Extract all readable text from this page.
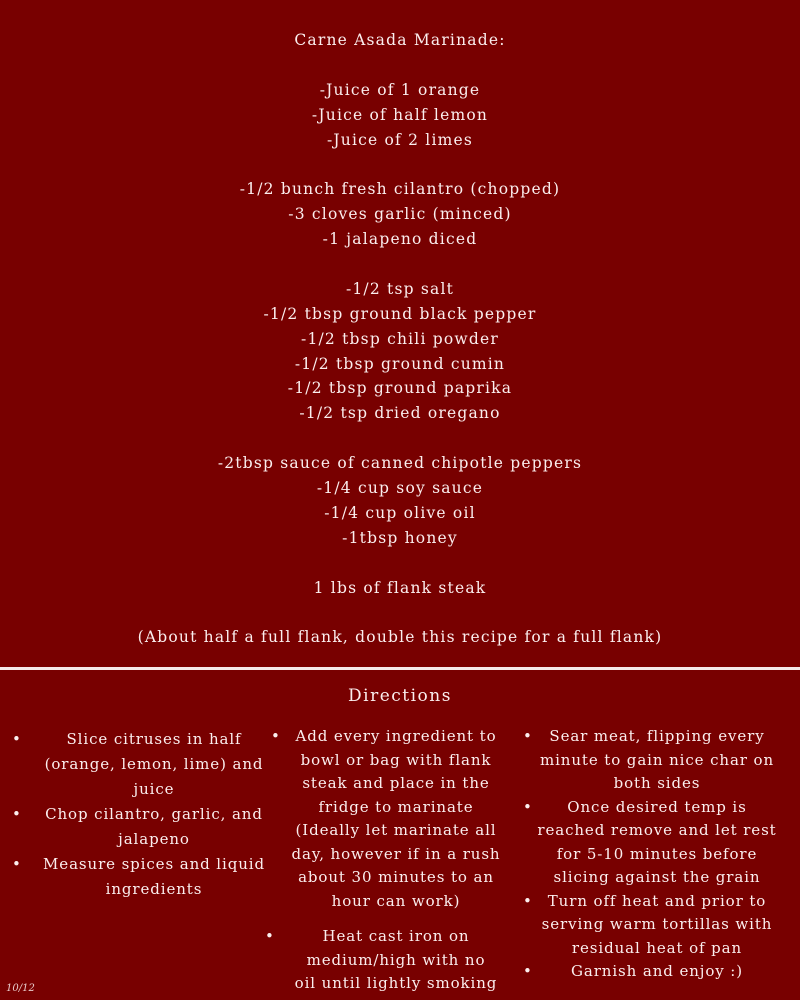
Carne Asada Marinade:
-Juice of 1 orange
-Juice of half lemon
-Juice of 2 limes
-1/2 bunch fresh cilantro (chopped)
-3 cloves garlic (minced)
-1 jalapeno diced
-1/2 tsp salt
-1/2 tbsp ground black pepper
-1/2 tbsp chili powder
-1/2 tbsp ground cumin
-1/2 tbsp ground paprika
-1/2 tsp dried oregano
-2tbsp sauce of canned chipotle peppers
-1/4 cup soy sauce
-1/4 cup olive oil
-1tbsp honey
1 lbs of flank steak
(About half a full flank, double this recipe for a full flank)
Directions
•	Slice citruses in half (orange, lemon, lime) and juice
• Chop cilantro, garlic, and jalapeno
• Measure spices and liquid ingredients
• Add every ingredient to bowl or bag with flank steak and place in the fridge to marinate (Ideally let marinate all day, however if in a rush about 30 minutes to an hour can work)
•	Heat cast iron on medium/high with no oil until lightly smoking
• Sear meat, flipping every minute to gain nice char on both sides
• Once desired temp is reached remove and let rest for 5-10 minutes before slicing against the grain
• Turn off heat and prior to serving warm tortillas with residual heat of pan
•	Garnish and enjoy :)
10/12
